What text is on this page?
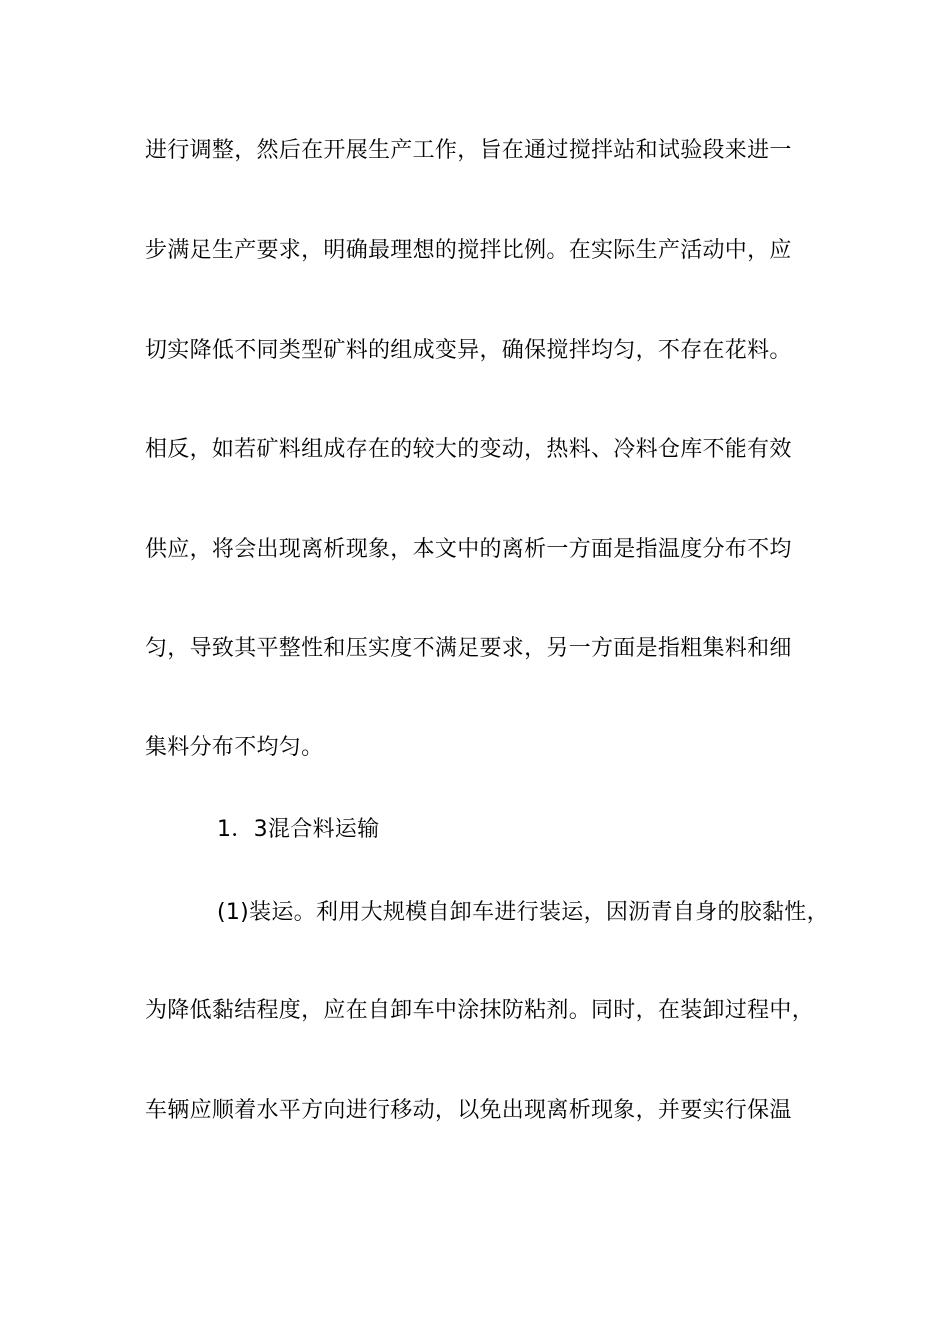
进行调整，然后在开展生产工作，旨在通过搅拌站和试验段来进一
步满足生产要求，明确最理想的搅拌比例。在实际生产活动中，应
切实降低不同类型矿料的组成变异，确保搅拌均匀，不存在花料。
相反，如若矿料组成存在的较大的变动，热料、冷料仓库不能有效
供应，将会出现离析现象，本文中的离析一方面是指温度分布不均
匀，导致其平整性和压实度不满足要求，另一方面是指粗集料和细
集料分布不均匀。
1．3混合料运输
(1)装运。利用大规模自卸车进行装运，因沥青自身的胶黏性，
为降低黏结程度，应在自卸车中涂抹防粘剂。同时，在装卸过程中，
车辆应顺着水平方向进行移动，以免出现离析现象，并要实行保温
